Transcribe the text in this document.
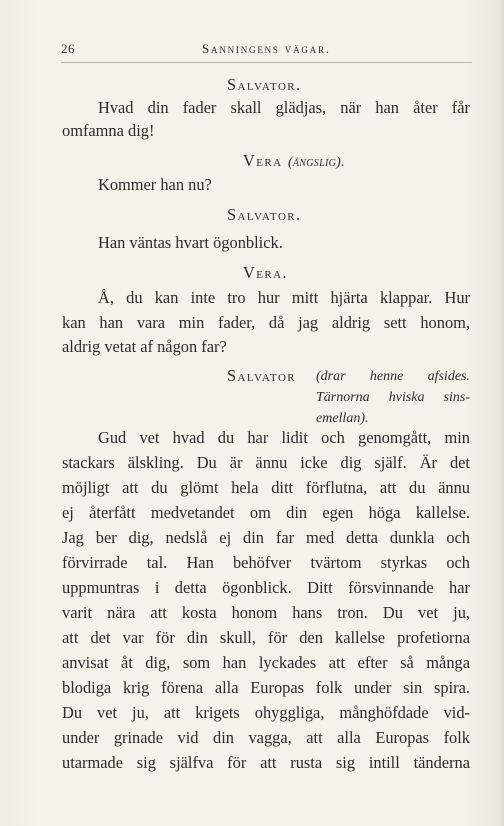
26	Sanningens vägar.
Salvator.
Hvad din fader skall glädjas, när han åter får
omfamna dig!
Vera (ängslig).
Kommer han nu?
Salvator.
Han väntas hvart ögonblick.
Vera.
Å, du kan inte tro hur mitt hjärta klappar. Hur
kan han vara min fader, då jag aldrig sett honom,
aldrig vetat af någon far?
Salvator (drar henne afsides.
Tärnorna hviska sins-
emellan).
Gud vet hvad du har lidit och genomgått, min
stackars älskling. Du är ännu icke dig själf. Är det
möjligt att du glömt hela ditt förflutna, att du ännu
ej återfått medvetandet om din egen höga kallelse.
Jag ber dig, nedslå ej din far med detta dunkla och
förvirrade tal. Han behöfver tvärtom styrkas och
uppmuntras i detta ögonblick. Ditt försvinnande har
varit nära att kosta honom hans tron. Du vet ju,
att det var för din skull, för den kallelse profetiorna
anvisat åt dig, som han lyckades att efter så många
blodiga krig förena alla Europas folk under sin spira.
Du vet ju, att krigets ohyggliga, månghöfdade vid-
under grinade vid din vagga, att alla Europas folk
utarmade sig själfva för att rusta sig intill tänderna
